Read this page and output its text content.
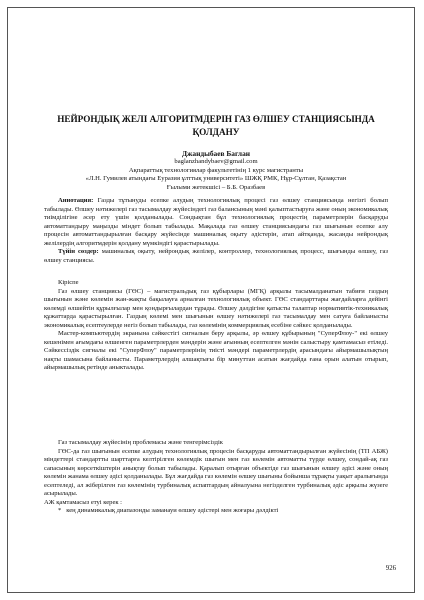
НЕЙРОНДЫҚ ЖЕЛІ АЛГОРИТМДЕРІН ГАЗ ӨЛШЕУ СТАНЦИЯСЫНДА
ҚОЛДАНУ
Джандыбаев Баглан
baglanzhandybaev@gmail.com
Ақпараттық технологиялар факультетінің 1 курс магистранты
«Л.Н. Гумилев атындағы Еуразия ұлттық университеті» ШЖҚ РМК, Нұр-Сұлтан, Қазақстан
Ғылыми жетекшісі – Б.Б. Оразбаев

Аннотация: Газды тұтынуды есепке алудың технологиялық процесі газ өлшеу станциясында негізгі болып табылады. Өлшеу нәтижелері газ тасымалдау жүйесіндегі газ балансының мәні қалыптастыруға және оның экономикалық тиімділігіне әсер ету үшін қолданылады. Сондықтан бұл технологиялық процестің параметрлерін басқаруды автоматтандыру маңызды міндет болып табылады. Мақалада газ өлшеу станциясындағы газ шығынын есепке алу процесін автоматтандырылған басқару жүйесінде машиналық оқыту әдістерін, атап айтқанда, жасанды нейрондық желілердің алгоритмдерін қолдану мүмкіндігі қарастырылады.

Түйін сөздер: машиналық оқыту, нейрондық желілер, контроллер, технологиялық процесс, шығынды өлшеу, газ өлшеу станциясы.

Кіріспе

Газ өлшеу станциясы (ГӨС) – магистральдық газ құбырлары (МГҚ) арқылы тасымалданатын табиғи газдың шығынын және көлемін жан-жақты бақылауға арналған технологиялық объект. ГӨС стандарттары жағдайларға дейінгі көлемді өлшейтін құрылғылар мен қондырғылардан тұрады. Өлшеу дәлдігіне қатысты талаптар нормативтік-техникалық құжаттарда қарастырылған. Газдың көлемі мен шығынын өлшеу нәтижелері газ тасымалдау мен сатуға байланысты экономикалық есептеулерде негіз болып табылады, газ көлемінің коммерциялық есебіне сәйкес қолданылады.

Мастер-компьютердің экранына сәйкестігі сигналын беру арқылы, әр өлшеу құбырының "СуперФлоу-" екі өлшеу кешенімен ағымдағы өлшенген параметрлерден мәндерін және ағынның есептелген мәнін салыстыру қамтамасыз етіледі. Сәйкессіздік сигналы екі "СуперФлоу" параметрлерінің тиісті мәндері параметрлердің арасындағы айырмашылықтың нақты шамасына байланысты. Параметрлердің алшақтығы бір минуттан асатын жағдайда ғана орын алатын отырып, айырмашылық ретінде аныкталады.

Газ тасымалдау жүйесінің проблемасы және тенгерімсіздік

ГӨС-да газ шығынын есепке алудың технологиялық процесін басқаруды автоматтандырылған жүйесінің (ТП АБЖ) міндеттері стандартты шарттарға келтірілген көлемдік шығын мен газ көлемін автоматты түрде өлшеу, сондай-ақ газ сапасының көрсеткіштерін анықтау болып табылады. Қаралып отырған объектіде газ шығынын өлшеу әдісі және оның көлемін жанама өлшеу әдісі қолданылады. Бұл жағдайда газ көлемін өлшеу шығыны бойынша тұрақты уақыт аралығында есептеледі, ал жіберілген газ көлемінің турбиналық аспаптардың айналуына негізделген турбиналық әдіс арқылы жүзеге асырылады.

АЖ қамтамасыз етуі керек :

*   кең динамикалық диапазонды заманауи өлшеу әдістері мен жоғары дәлдікті

926
